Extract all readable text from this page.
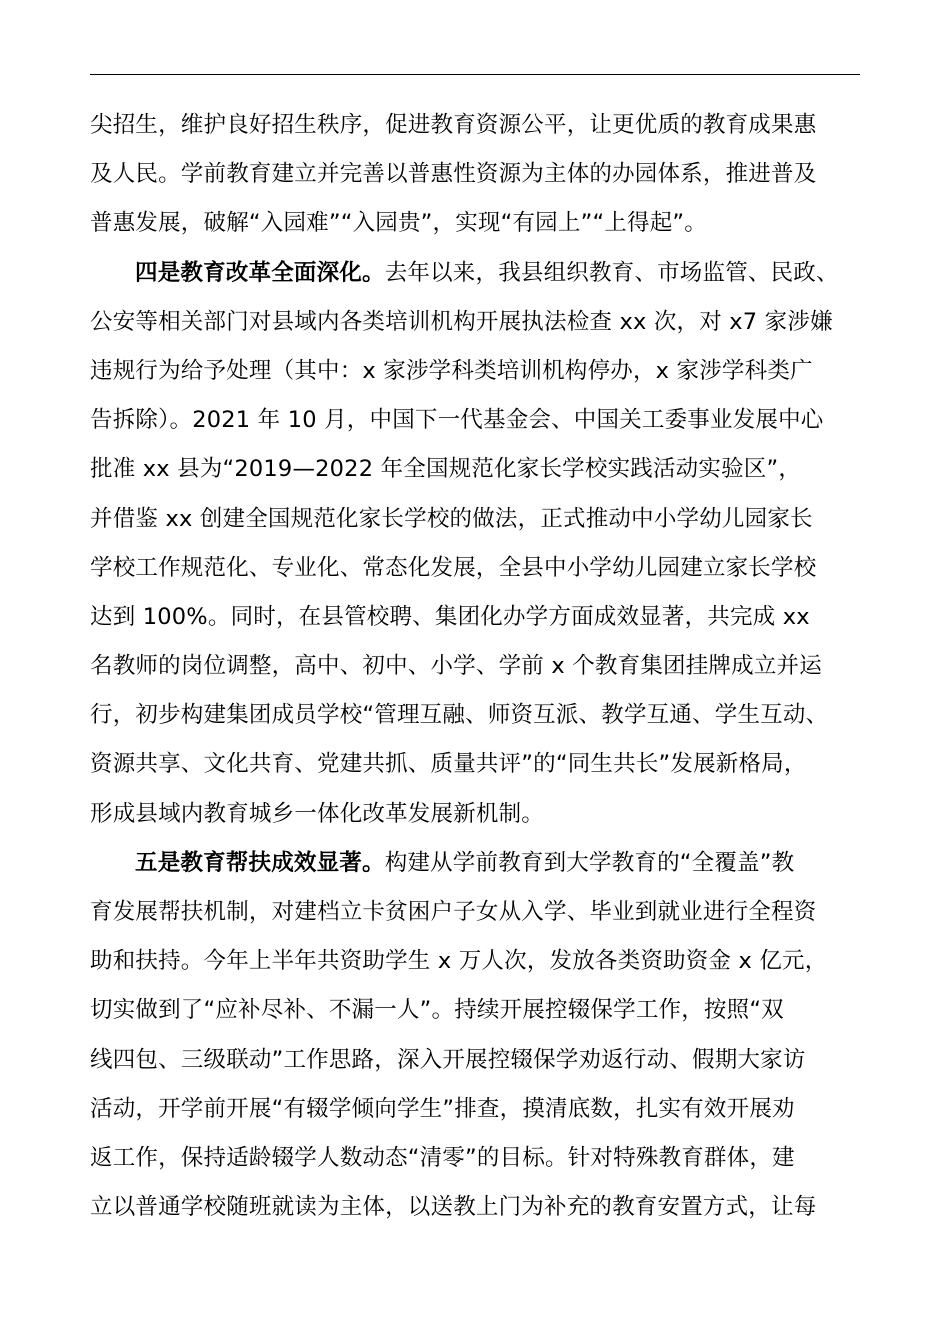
尖招生，维护良好招生秩序，促进教育资源公平，让更优质的教育成果惠
及人民。学前教育建立并完善以普惠性资源为主体的办园体系，推进普及
普惠发展，破解“入园难”“入园贵”，实现“有园上”“上得起”。
四是教育改革全面深化。去年以来，我县组织教育、市场监管、民政、
公安等相关部门对县域内各类培训机构开展执法检查 xx 次，对 x7 家涉嫌
违规行为给予处理（其中：x 家涉学科类培训机构停办，x 家涉学科类广
告拆除）。2021 年 10 月，中国下一代基金会、中国关工委事业发展中心
批准 xx 县为“2019—2022 年全国规范化家长学校实践活动实验区”，
并借鉴 xx 创建全国规范化家长学校的做法，正式推动中小学幼儿园家长
学校工作规范化、专业化、常态化发展，全县中小学幼儿园建立家长学校
达到 100%。同时，在县管校聘、集团化办学方面成效显著，共完成 xx
名教师的岗位调整，高中、初中、小学、学前 x 个教育集团挂牌成立并运
行，初步构建集团成员学校“管理互融、师资互派、教学互通、学生互动、
资源共享、文化共育、党建共抓、质量共评”的“同生共长”发展新格局，
形成县域内教育城乡一体化改革发展新机制。
五是教育帮扶成效显著。构建从学前教育到大学教育的“全覆盖”教
育发展帮扶机制，对建档立卡贫困户子女从入学、毕业到就业进行全程资
助和扶持。今年上半年共资助学生 x 万人次，发放各类资助资金 x 亿元，
切实做到了“应补尽补、不漏一人”。持续开展控辍保学工作，按照“双
线四包、三级联动”工作思路，深入开展控辍保学劝返行动、假期大家访
活动，开学前开展“有辍学倾向学生”排查，摸清底数，扎实有效开展劝
返工作，保持适龄辍学人数动态“清零”的目标。针对特殊教育群体，建
立以普通学校随班就读为主体，以送教上门为补充的教育安置方式，让每
